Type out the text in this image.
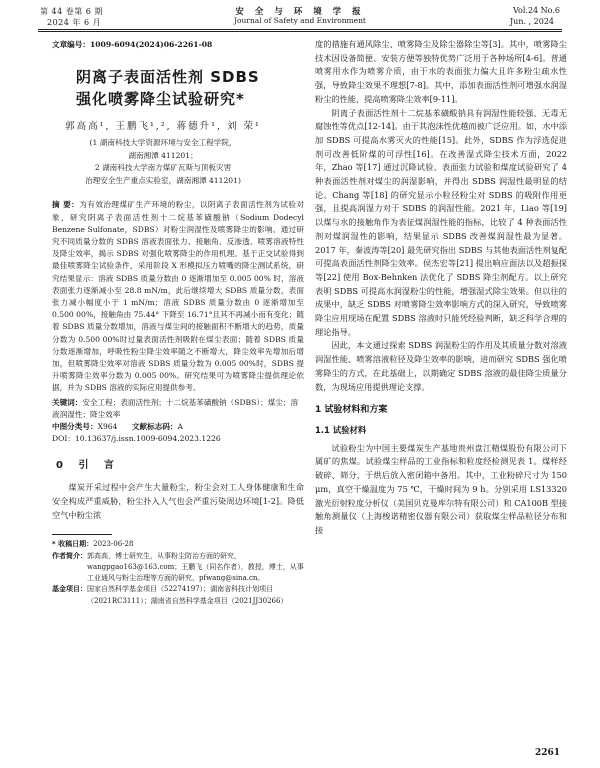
第 44 卷第 6 期
2024 年 6 月
安 全 与 环 境 学 报
Journal of Safety and Environment
Vol.24 No.6
Jun. , 2024
文章编号：1009-6094(2024)06-2261-08
阴离子表面活性剂 SDBS
强化喷雾降尘试验研究*
郭高高¹, 王鹏飞¹,², 蒋德升¹, 刘 荣¹
(1 湖南科技大学资源环境与安全工程学院，
湖南湘潭 411201；
2 湖南科技大学南方煤矿瓦斯与顶板灾害
治理安全生产重点实验室，湖南湘潭 411201)
摘 要：为有效治理煤矿生产环境的粉尘，以阴离子表面活性剂为试验对象，研究阴离子表面活性剂十二烷基苯磺酸钠（Sodium Dodecyl Benzene Sulfonate，SDBS）对粉尘润湿性及喷雾降尘的影响。通过研究不同质量分数的 SDBS 溶液表面张力、接触角、反渗透、喷雾溶液特性及降尘效率，揭示 SDBS 对强化喷雾降尘的作用机理。基于正交试验得到最佳喷雾降尘试验条件，采用阶段 X 形模拟压力喷嘴的降尘测试系统，研究结果显示：溶液 SDBS 质量分数由 0 逐渐增加至 0.005 00% 时，溶液表面张力逐渐减小至 28.8 mN/m，此后继续增大 SDBS 质量分数，表面张力减小幅度小于 1 mN/m；溶液 SDBS 质量分数由 0 逐渐增加至 0.500 00%，接触角由 75.44° 下降至 16.71°且其不再减小而有变化；随着 SDBS 质量分数增加，溶液与煤尘间的接触面积不断增大的趋势，质量分数为 0.500 00%时过量表面活性剂吸附在煤尘表面；随着 SDBS 质量分数逐渐增加，呼吸性粉尘降尘效率随之不断增大，降尘效率先增加后增加，但喷雾降尘效率对溶液 SDBS 质量分数为 0.005 00%时，SDBS 提升喷雾降尘效率分数为 0.005 00%。研究结果可为喷雾降尘提供理论依据，并为 SDBS 溶液的实际应用提供参考。
关键词：安全工程；表面活性剂；十二烷基苯磺酸钠（SDBS）；煤尘；溶液润湿性；降尘效率
中图分类号：X964 文献标志码：A
DOI：10.13637/j.issn.1009-6094.2023.1226
0 引 言
煤炭开采过程中会产生大量粉尘，粉尘会对工人身体健康和生命安全构成严重威胁，粉尘扑入人气也会严重污染周边环境[1-2]。降低空气中粉尘浓
* 收稿日期： 2023-06-28
作者简介： 郭高高，博士研究生，从事粉尘防治方面的研究，wangpgao163@163.com；王鹏飞（同名作者），教授，博士，从事工业通风与粉尘治理等方面的研究，pfwang@sina.cn。
基金项目： 国家自然科学基金项目（52274197）；湖南省科技计划项目（2021RC3111）；湖南省自然科学基金项目（2021JJ30266）
度的措施有通风除尘、喷雾降尘及除尘器除尘等[3]。其中，喷雾降尘技术因设备简便、安装方便等独特优势广泛用于各种场所[4-6]。普通喷雾用水作为喷雾介质，由于水的表面张力偏大且许多粉尘疏水性强，导致降尘效果不理想[7-8]。其中，添加表面活性剂可增强水润湿粉尘的性能，提高喷雾降尘效率[9-11]。
阴离子表面活性剂十二烷基苯磺酸钠具有润湿性能较强、无毒无腐蚀性等优点[12-14]。由于其泡沫性优越而被广泛应用。如，水中添加 SDBS 可提高水雾灭火的性能[15]。此外，SDBS 作为浮选促进剂可改善低阶煤的可浮性[16]。在改善湿式降尘技术方面，2022 年，Zhao 等[17] 通过沉降试验、表面张力试验和煤度试验研究了 4 种表面活性剂对煤尘的润湿影响，并得出 SDBS 润湿性最明显的结论。Chang 等[18] 的研究显示小粒径粉尘对 SDBS 的吸附作用更强，且提高润湿力对于 SDBS 的润湿性能。2021 年，Liao 等[19] 以煤与水的接触角作为表征煤润湿性能的指标，比较了 4 种表面活性剂对煤润湿性的影响，结果显示 SDBS 改善煤润湿性最为显著。2017 年，秦波涛等[20] 最先研究指出 SDBS 与其他表面活性剂复配可提高表面活性剂降尘效率。侯杰宏等[21] 提出响应面法以及超振探等[22] 使用 Box-Behnken 法优化了 SDBS 降尘剂配方。以上研究表明 SDBS 可提高水润湿粉尘的性能，增强湿式除尘效果。但以往的成果中，缺乏 SDBS 对喷雾降尘效率影响方式的深入研究，导致喷雾降尘应用现场在配置 SDBS 溶液时只能凭经验判断，缺乏科学合理的理论指导。
因此，本文通过探索 SDBS 润湿粉尘的作用及其质量分数对溶液润湿性能、喷雾溶液粒径及降尘效率的影响，进而研究 SDBS 强化喷雾降尘的方式，在此基础上，以期确定 SDBS 溶液的最佳降尘质量分数，为现场应用提供理论支撑。
1 试验材料和方案
1.1 试验材料
试验粉尘为中国主要煤炭生产基地贵州盘江精煤股份有限公司下属矿的焦煤。试验煤尘样品的工业指标和粒度经检测见表 1。煤样经破碎、筛分，于烘后放入密闭箱中备用。其中，工业粉碎尺寸为 150 μm，真空干燥温度为 75 ℃，干燥时间为 9 h。分别采用 LS13320 激光衍射粒度分析仪（美国贝克曼库尔特有限公司）和 CA100B 型接触角测量仪（上海梭诺精密仪器有限公司）获取煤尘样品粒径分布和接
2261
